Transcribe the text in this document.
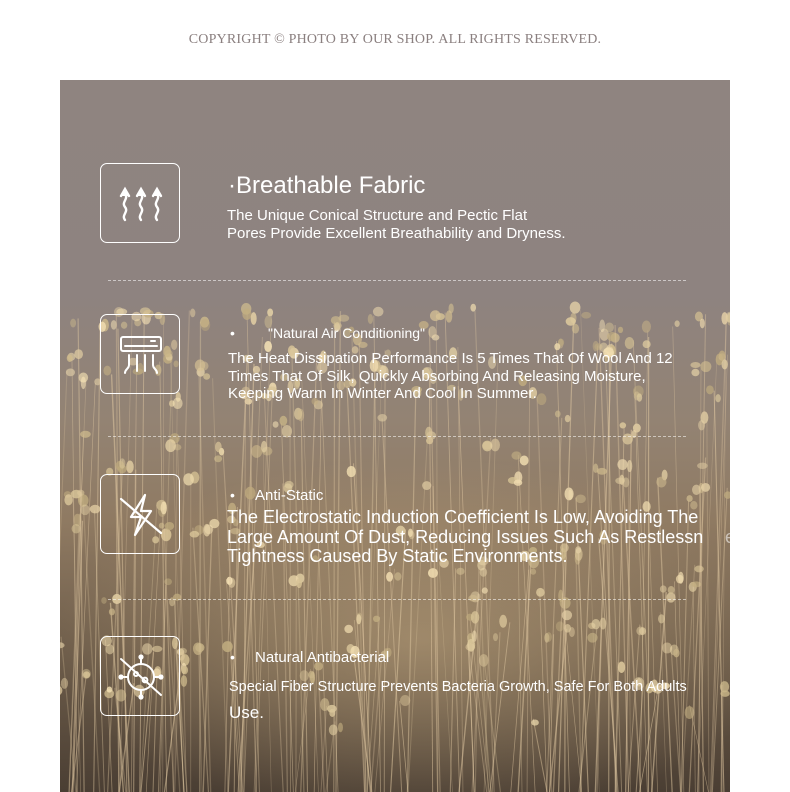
COPYRIGHT © PHOTO BY OUR SHOP. ALL RIGHTS RESERVED.
·Breathable Fabric
The Unique Conical Structure and Pectic Flat
Pores Provide Excellent Breathability and Dryness.
• "Natural Air Conditioning"
The Heat Dissipation Performance Is 5 Times That Of Wool And 12
Times That Of Silk, Quickly Absorbing And Releasing Moisture,
Keeping Warm In Winter And Cool In Summer.
• Anti-Static
The Electrostatic Induction Coefficient Is Low, Avoiding The
Large Amount Of Dust, Reducing Issues Such As Restlessn
Tightness Caused By Static Environments.
Fabric
ess, He
• Natural Antibacterial
Special Fiber Structure Prevents Bacteria Growth, Safe For Both Adults
Use.
And Ch
